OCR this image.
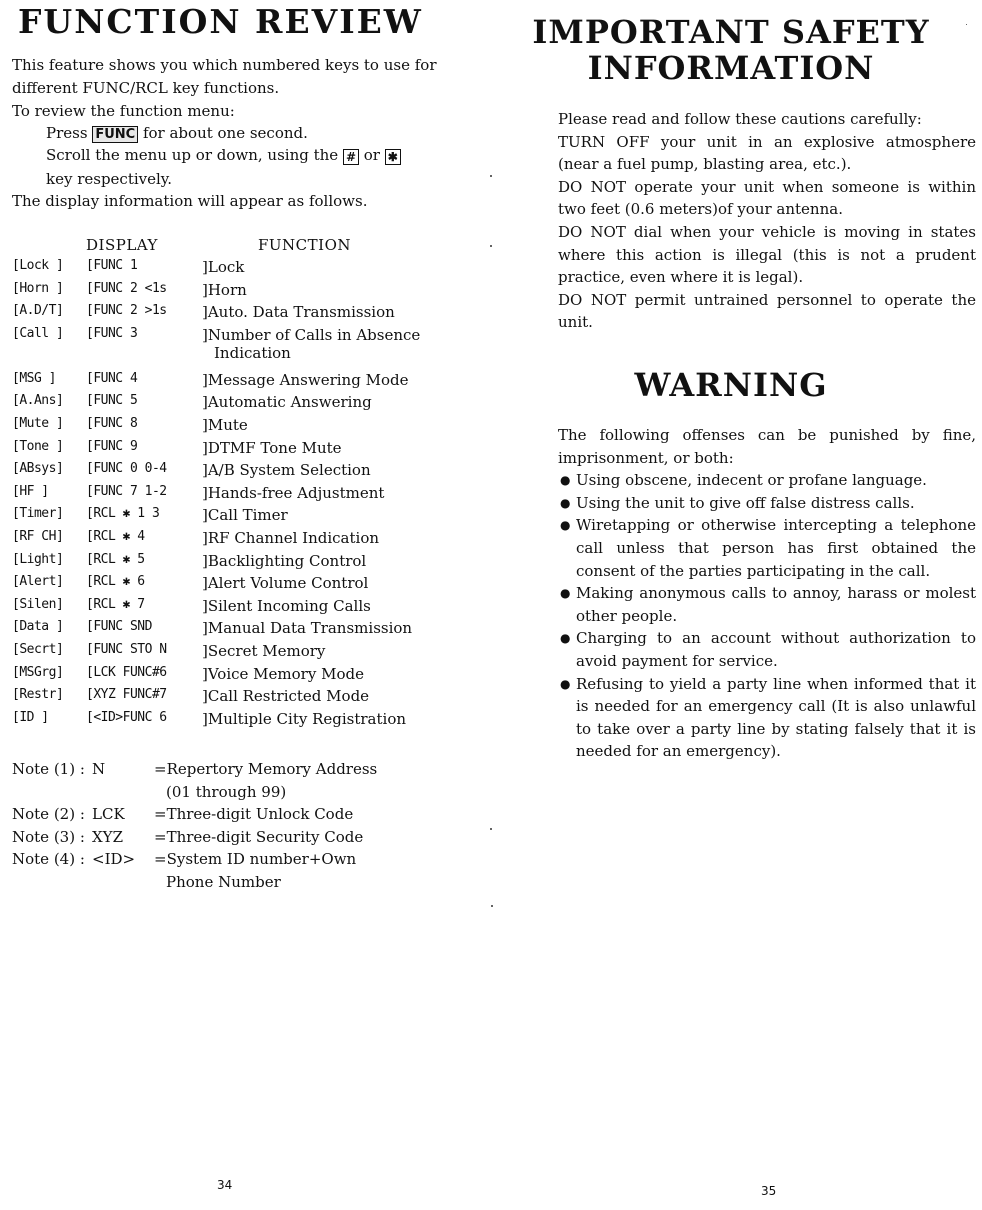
FUNCTION REVIEW
This feature shows you which numbered keys to use for different FUNC/RCL key functions.
To review the function menu:
Press FUNC for about one second.
Scroll the menu up or down, using the # or ✱
key respectively.
The display information will appear as follows.
DISPLAY	FUNCTION
[Lock ]	[FUNC 1	]Lock
[Horn ]	[FUNC 2 <1s	]Horn
[A.D/T]	[FUNC 2 >1s	]Auto. Data Transmission
[Call ]	[FUNC 3	]Number of Calls in Absence
Indication
[MSG ]	[FUNC 4	]Message Answering Mode
[A.Ans]	[FUNC 5	]Automatic Answering
[Mute ]	[FUNC 8	]Mute
[Tone ]	[FUNC 9	]DTMF Tone Mute
[ABsys]	[FUNC 0 0-4	]A/B System Selection
[HF ]	[FUNC 7 1-2	]Hands-free Adjustment
[Timer]	[RCL ✱ 1 3	]Call Timer
[RF CH]	[RCL ✱ 4	]RF Channel Indication
[Light]	[RCL ✱ 5	]Backlighting Control
[Alert]	[RCL ✱ 6	]Alert Volume Control
[Silen]	[RCL ✱ 7	]Silent Incoming Calls
[Data ]	[FUNC SND	]Manual Data Transmission
[Secrt]	[FUNC STO N	]Secret Memory
[MSGrg]	[LCK FUNC#6	]Voice Memory Mode
[Restr]	[XYZ FUNC#7	]Call Restricted Mode
[ID ]	[<ID>FUNC 6	]Multiple City Registration
Note (1) : N	=Repertory Memory Address
(01 through 99)
Note (2) : LCK =Three-digit Unlock Code
Note (3) : XYZ =Three-digit Security Code
Note (4) : <ID> =System ID number+Own
Phone Number
34
IMPORTANT SAFETY
INFORMATION
Please read and follow these cautions carefully:
TURN OFF your unit in an explosive atmosphere
(near a fuel pump, blasting area, etc.).
DO NOT operate your unit when someone is within
two feet (0.6 meters)of your antenna.
DO NOT dial when your vehicle is moving in states
where this action is illegal (this is not a prudent
practice, even where it is legal).
DO NOT permit untrained personnel to operate the
unit.
WARNING
The following offenses can be punished by fine, imprisonment, or both:
● Using obscene, indecent or profane language.
● Using the unit to give off false distress calls.
● Wiretapping or otherwise intercepting a telephone call unless that person has first obtained the consent of the parties participating in the call.
● Making anonymous calls to annoy, harass or molest other people.
● Charging to an account without authorization to avoid payment for service.
● Refusing to yield a party line when informed that it is needed for an emergency call (It is also unlawful to take over a party line by stating falsely that it is needed for an emergency).
35
